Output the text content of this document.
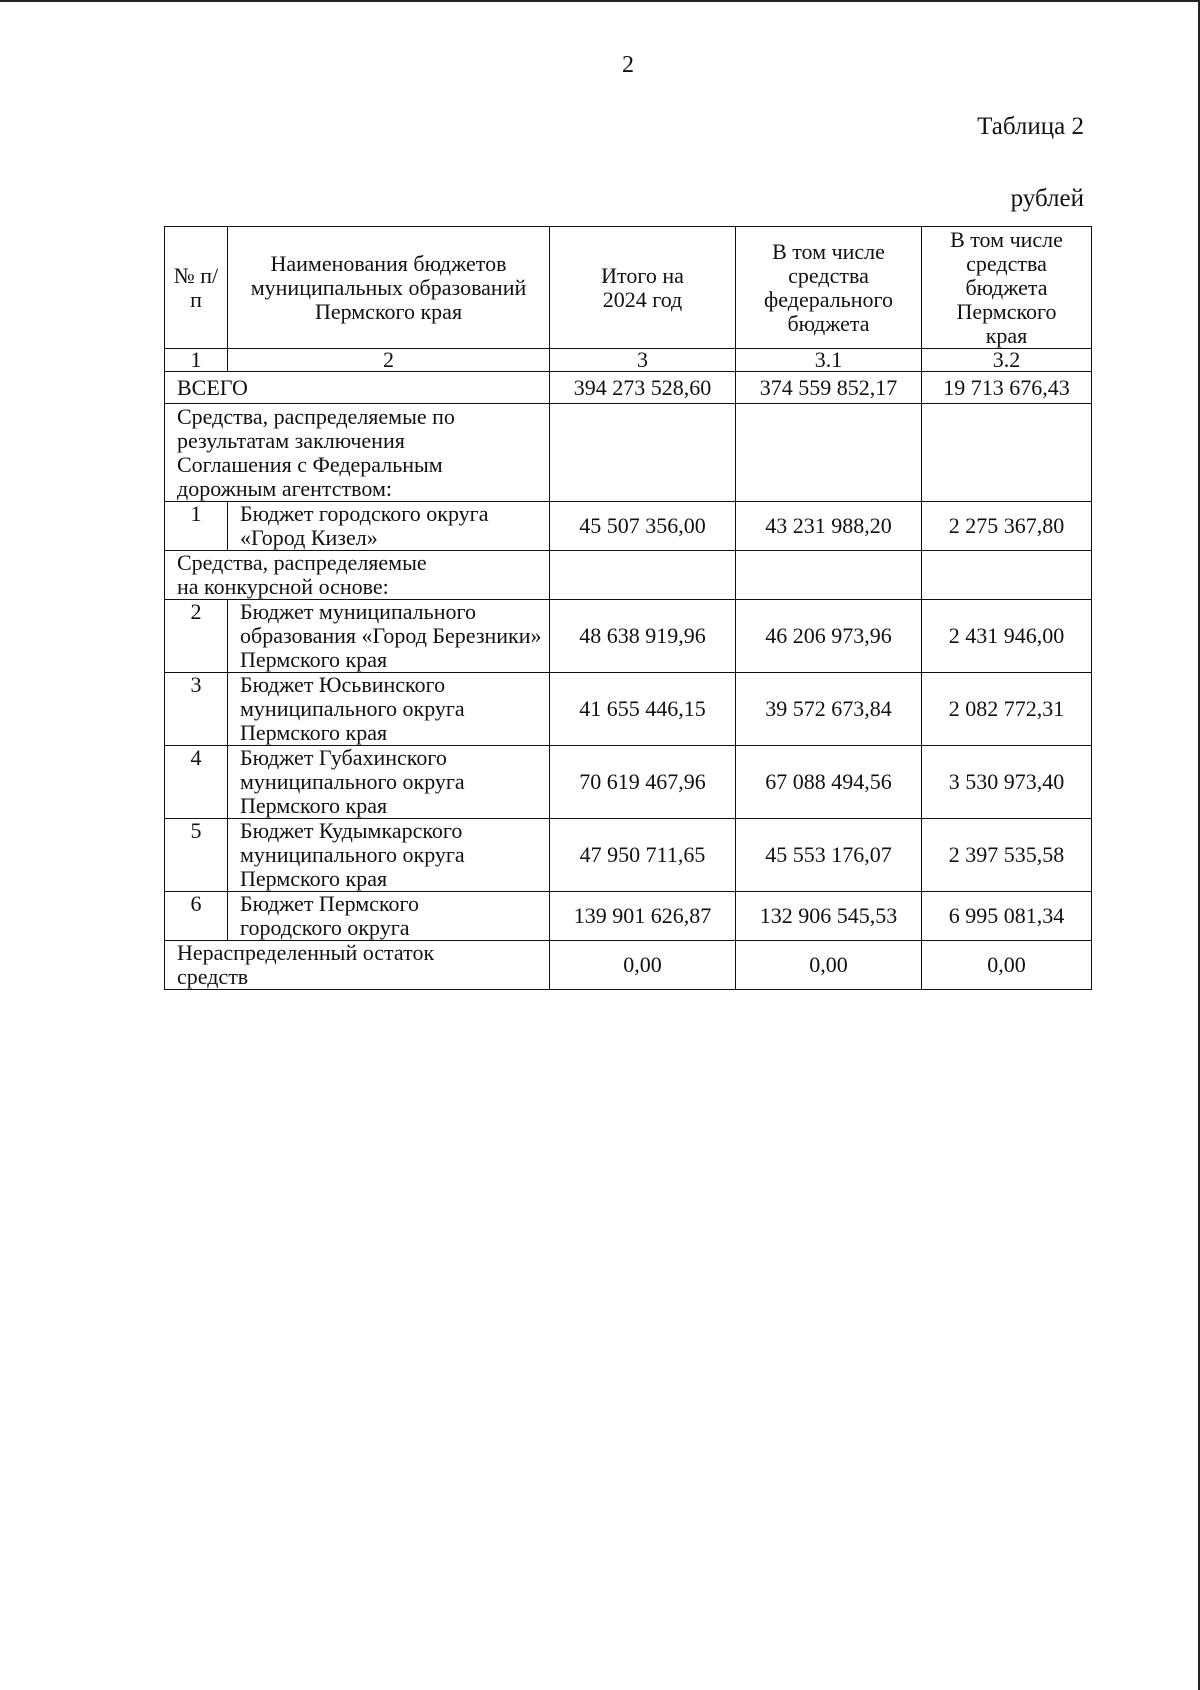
2
Таблица 2
рублей
№ п/п	Наименования бюджетов муниципальных образований Пермского края	Итого на 2024 год	В том числе средства федерального бюджета	В том числе средства бюджета Пермского края
1	2	3	3.1	3.2
ВСЕГО		394 273 528,60	374 559 852,17	19 713 676,43
Средства, распределяемые по результатам заключения Соглашения с Федеральным дорожным агентством:				
1	Бюджет городского округа «Город Кизел»	45 507 356,00	43 231 988,20	2 275 367,80
Средства, распределяемые на конкурсной основе:				
2	Бюджет муниципального образования «Город Березники» Пермского края	48 638 919,96	46 206 973,96	2 431 946,00
3	Бюджет Юсьвинского муниципального округа Пермского края	41 655 446,15	39 572 673,84	2 082 772,31
4	Бюджет Губахинского муниципального округа Пермского края	70 619 467,96	67 088 494,56	3 530 973,40
5	Бюджет Кудымкарского муниципального округа Пермского края	47 950 711,65	45 553 176,07	2 397 535,58
6	Бюджет Пермского городского округа	139 901 626,87	132 906 545,53	6 995 081,34
Нераспределенный остаток средств		0,00	0,00	0,00
